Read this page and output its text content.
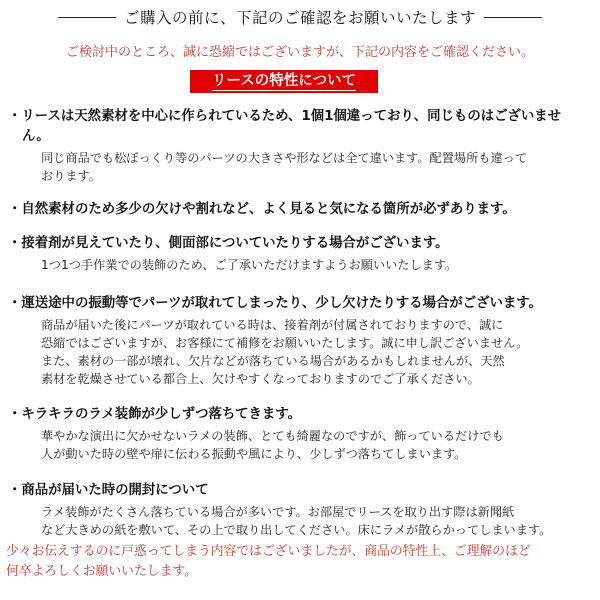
ご購入の前に、下記のご確認をお願いいたします
ご検討中のところ、誠に恐縮ではございますが、下記の内容をご確認ください。
リースの特性について
・リースは天然素材を中心に作られているため、1個1個違っており、同じものはございません。
同じ商品でも松ぼっくり等のパーツの大きさや形などは全て違います。配置場所も違って
おります。
・自然素材のため多少の欠けや割れなど、よく見ると気になる箇所が必ずあります。
・接着剤が見えていたり、側面部についていたりする場合がございます。
1つ1つ手作業での装飾のため、ご了承いただけますようお願いいたします。
・運送途中の振動等でパーツが取れてしまったり、少し欠けたりする場合がございます。
商品が届いた後にパーツが取れている時は、接着剤が付属されておりますので、誠に
恐縮ではございますが、お客様にて補修をお願いいたします。誠に申し訳ございません。
また、素材の一部が壊れ、欠片などが落ちている場合があるかもしれませんが、天然
素材を乾燥させている都合上、欠けやすくなっておりますのでご了承ください。
・キラキラのラメ装飾が少しずつ落ちてきます。
華やかな演出に欠かせないラメの装飾、とても綺麗なのですが、飾っているだけでも
人が動いた時の壁や扉に伝わる振動や風により、少しずつ落ちてしまいます。
・商品が届いた時の開封について
ラメ装飾がたくさん落ちている場合が多いです。お部屋でリースを取り出す際は新聞紙
など大きめの紙を敷いて、その上で取り出してください。床にラメが散らかってしまいます。
少々お伝えするのに戸惑ってしまう内容ではございましたが、商品の特性上、ご理解のほど
何卒よろしくお願いいたします。
